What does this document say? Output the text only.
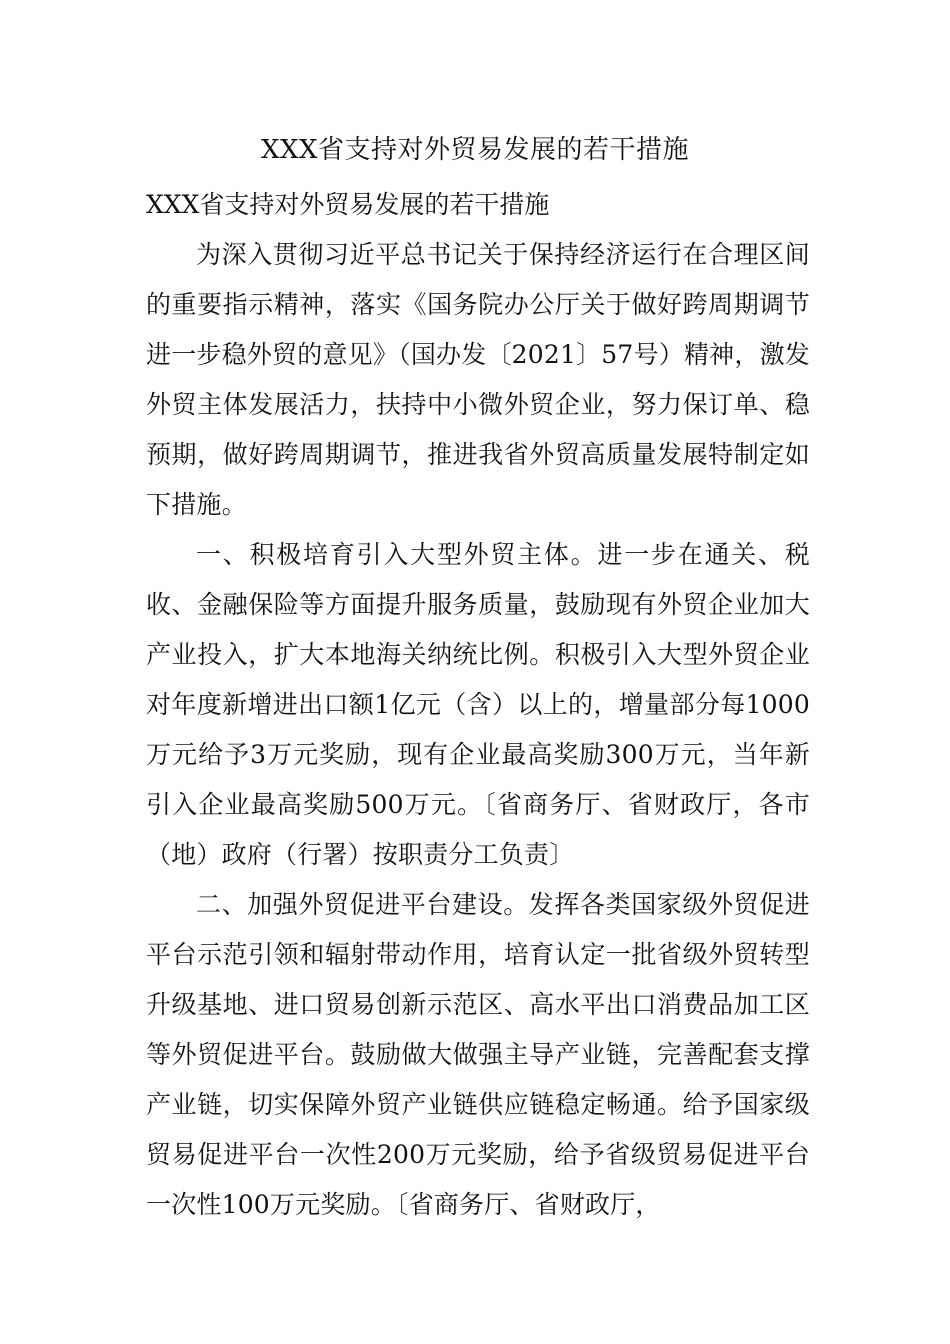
XXX省支持对外贸易发展的若干措施
XXX省支持对外贸易发展的若干措施

为深入贯彻习近平总书记关于保持经济运行在合理区间的重要指示精神，落实《国务院办公厅关于做好跨周期调节进一步稳外贸的意见》（国办发〔2021〕57号）精神，激发外贸主体发展活力，扶持中小微外贸企业，努力保订单、稳预期，做好跨周期调节，推进我省外贸高质量发展特制定如下措施。

一、积极培育引入大型外贸主体。进一步在通关、税收、金融保险等方面提升服务质量，鼓励现有外贸企业加大产业投入，扩大本地海关纳统比例。积极引入大型外贸企业对年度新增进出口额1亿元（含）以上的，增量部分每1000万元给予3万元奖励，现有企业最高奖励300万元，当年新引入企业最高奖励500万元。〔省商务厅、省财政厅，各市（地）政府（行署）按职责分工负责〕

二、加强外贸促进平台建设。发挥各类国家级外贸促进平台示范引领和辐射带动作用，培育认定一批省级外贸转型升级基地、进口贸易创新示范区、高水平出口消费品加工区等外贸促进平台。鼓励做大做强主导产业链，完善配套支撑产业链，切实保障外贸产业链供应链稳定畅通。给予国家级贸易促进平台一次性200万元奖励，给予省级贸易促进平台一次性100万元奖励。〔省商务厅、省财政厅，
